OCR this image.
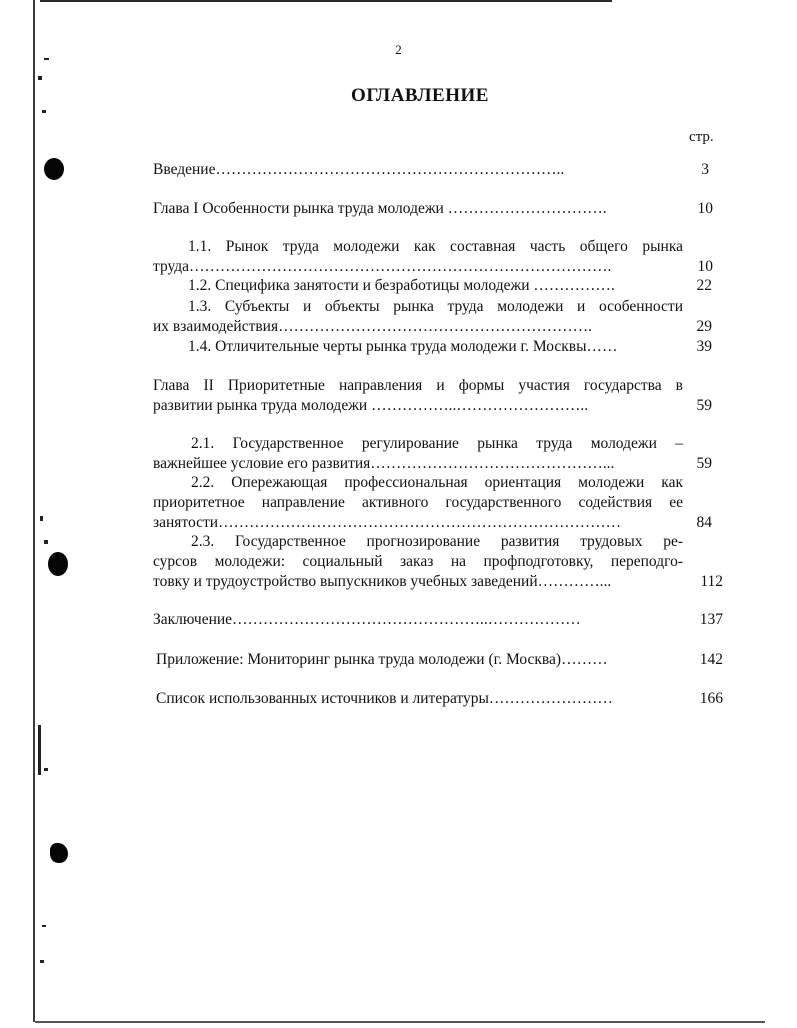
2
ОГЛАВЛЕНИЕ
стр.
Введение…………………………………………………………..	3
Глава I Особенности рынка труда молодежи ………………………….	10
1.1. Рынок труда молодежи как составная часть общего рынка
труда……………………………………………………………………….	10
1.2. Специфика занятости и безработицы молодежи …………….	22
1.3. Субъекты и объекты рынка труда молодежи и особенности
их взаимодействия…………………………………………………….	29
1.4. Отличительные черты рынка труда молодежи г. Москвы……	39
Глава II Приоритетные направления и формы участия государства в
развитии рынка труда молодежи ……………..……………………..	59
2.1. Государственное регулирование рынка труда молодежи –
важнейшее условие его развития………………………………………...	59
2.2. Опережающая профессиональная ориентация молодежи как
приоритетное направление активного государственного содействия ее
занятости……………………………………………………………………	84
2.3. Государственное прогнозирование развития трудовых ре-
сурсов молодежи: социальный заказ на профподготовку, переподго-
товку и трудоустройство выпускников учебных заведений…………...	112
Заключение…………………………………………..………………	137
Приложение: Мониторинг рынка труда молодежи (г. Москва)………	142
Список использованных источников и литературы……………………	166
